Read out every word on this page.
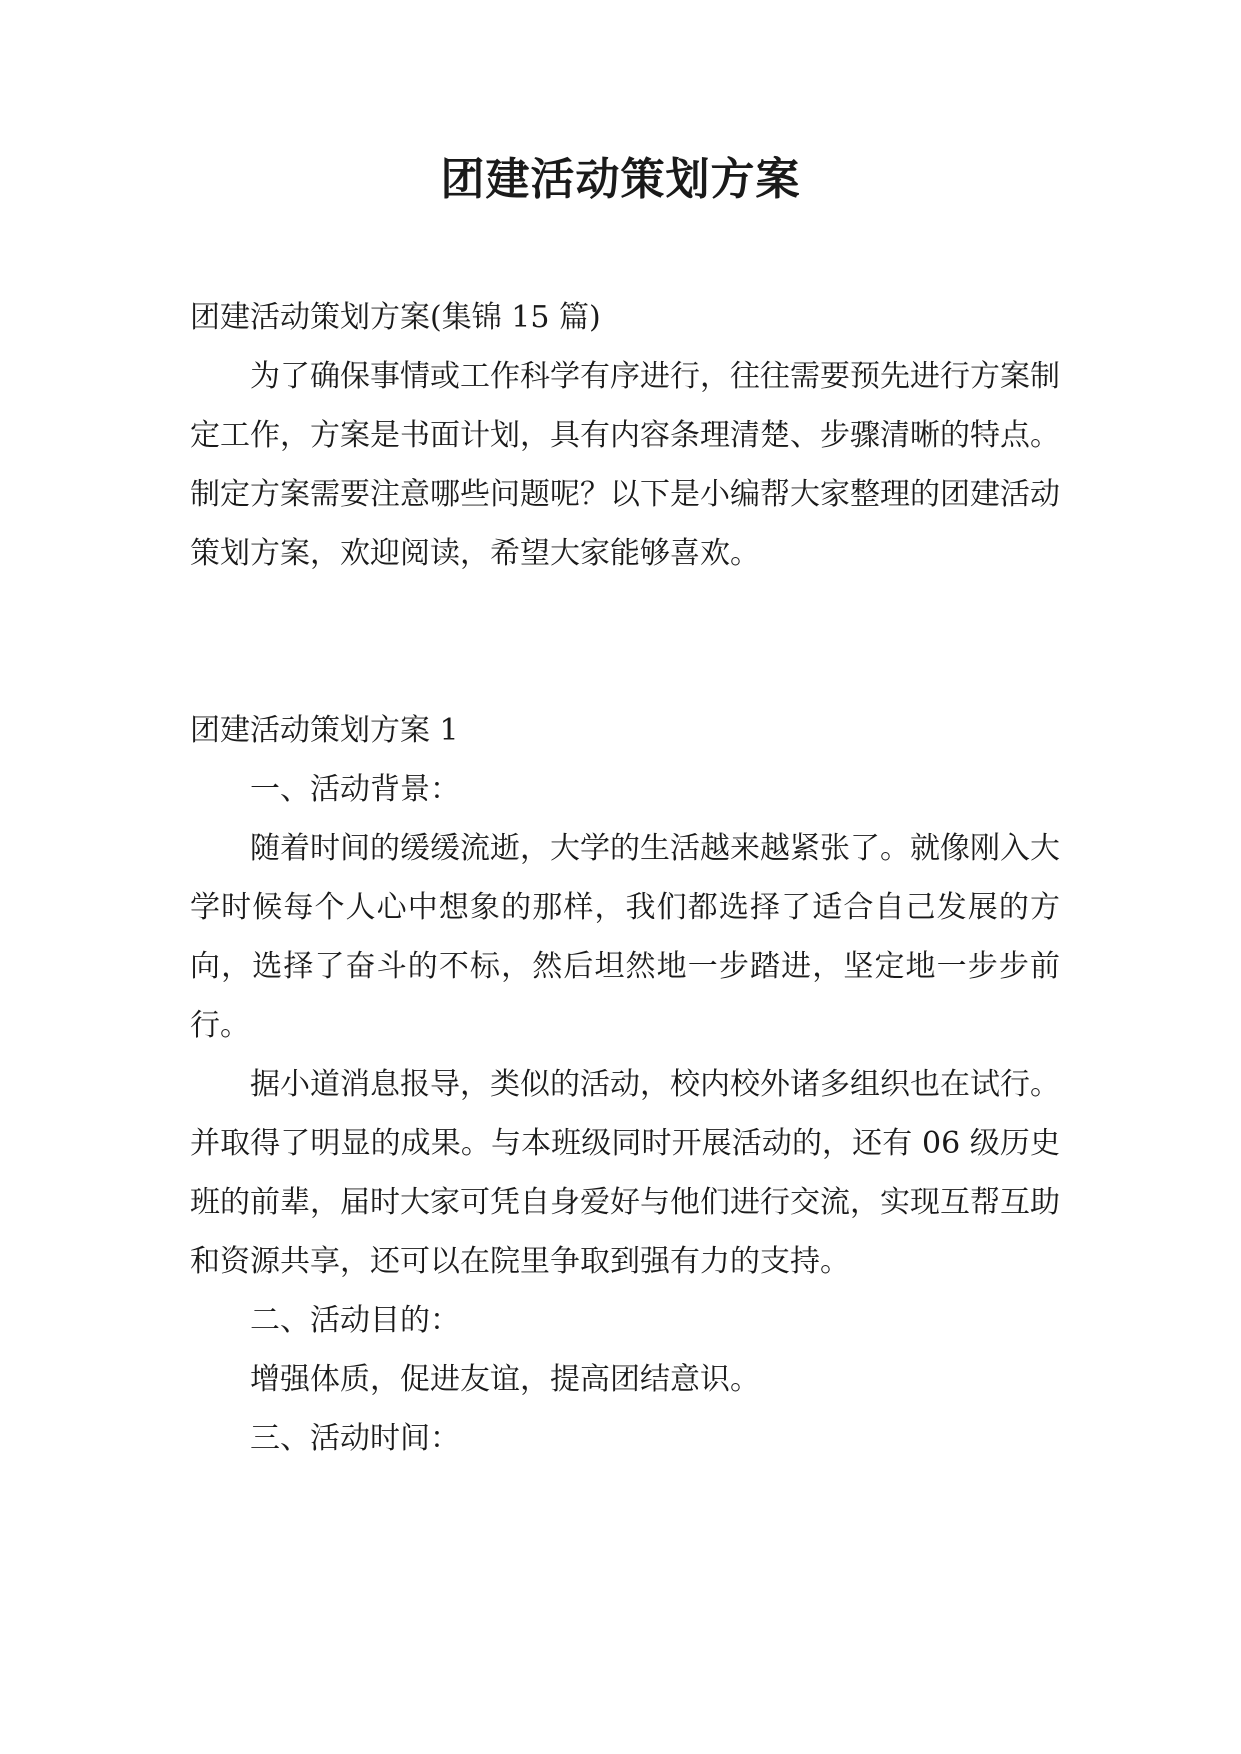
团建活动策划方案

团建活动策划方案(集锦 15 篇)

为了确保事情或工作科学有序进行，往往需要预先进行方案制定工作，方案是书面计划，具有内容条理清楚、步骤清晰的特点。制定方案需要注意哪些问题呢？以下是小编帮大家整理的团建活动策划方案，欢迎阅读，希望大家能够喜欢。

团建活动策划方案 1

一、活动背景：

随着时间的缓缓流逝，大学的生活越来越紧张了。就像刚入大学时候每个人心中想象的那样，我们都选择了适合自己发展的方向，选择了奋斗的不标，然后坦然地一步踏进，坚定地一步步前行。

据小道消息报导，类似的活动，校内校外诸多组织也在试行。并取得了明显的成果。与本班级同时开展活动的，还有 06 级历史班的前辈，届时大家可凭自身爱好与他们进行交流，实现互帮互助和资源共享，还可以在院里争取到强有力的支持。

二、活动目的：

增强体质，促进友谊，提高团结意识。

三、活动时间：
